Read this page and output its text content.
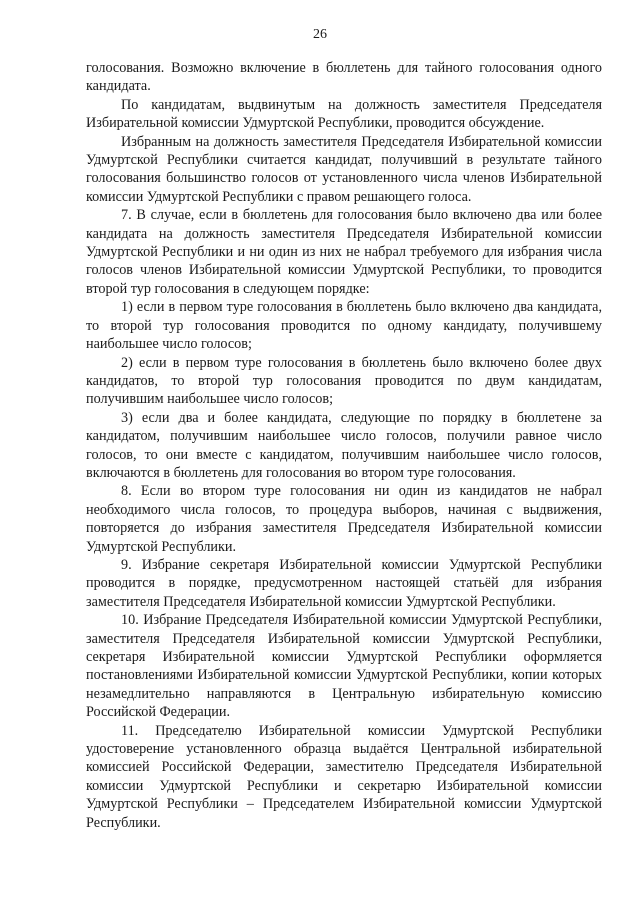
26

голосования. Возможно включение в бюллетень для тайного голосования одного кандидата.

По кандидатам, выдвинутым на должность заместителя Председателя Избирательной комиссии Удмуртской Республики, проводится обсуждение.

Избранным на должность заместителя Председателя Избирательной комиссии Удмуртской Республики считается кандидат, получивший в результате тайного голосования большинство голосов от установленного числа членов Избирательной комиссии Удмуртской Республики с правом решающего голоса.

7. В случае, если в бюллетень для голосования было включено два или более кандидата на должность заместителя Председателя Избирательной комиссии Удмуртской Республики и ни один из них не набрал требуемого для избрания числа голосов членов Избирательной комиссии Удмуртской Республики, то проводится второй тур голосования в следующем порядке:

1) если в первом туре голосования в бюллетень было включено два кандидата, то второй тур голосования проводится по одному кандидату, получившему наибольшее число голосов;

2) если в первом туре голосования в бюллетень было включено более двух кандидатов, то второй тур голосования проводится по двум кандидатам, получившим наибольшее число голосов;

3) если два и более кандидата, следующие по порядку в бюллетене за кандидатом, получившим наибольшее число голосов, получили равное число голосов, то они вместе с кандидатом, получившим наибольшее число голосов, включаются в бюллетень для голосования во втором туре голосования.

8. Если во втором туре голосования ни один из кандидатов не набрал необходимого числа голосов, то процедура выборов, начиная с выдвижения, повторяется до избрания заместителя Председателя Избирательной комиссии Удмуртской Республики.

9. Избрание секретаря Избирательной комиссии Удмуртской Республики проводится в порядке, предусмотренном настоящей статьёй для избрания заместителя Председателя Избирательной комиссии Удмуртской Республики.

10. Избрание Председателя Избирательной комиссии Удмуртской Республики, заместителя Председателя Избирательной комиссии Удмуртской Республики, секретаря Избирательной комиссии Удмуртской Республики оформляется постановлениями Избирательной комиссии Удмуртской Республики, копии которых незамедлительно направляются в Центральную избирательную комиссию Российской Федерации.

11. Председателю Избирательной комиссии Удмуртской Республики удостоверение установленного образца выдаётся Центральной избирательной комиссией Российской Федерации, заместителю Председателя Избирательной комиссии Удмуртской Республики и секретарю Избирательной комиссии Удмуртской Республики – Председателем Избирательной комиссии Удмуртской Республики.
